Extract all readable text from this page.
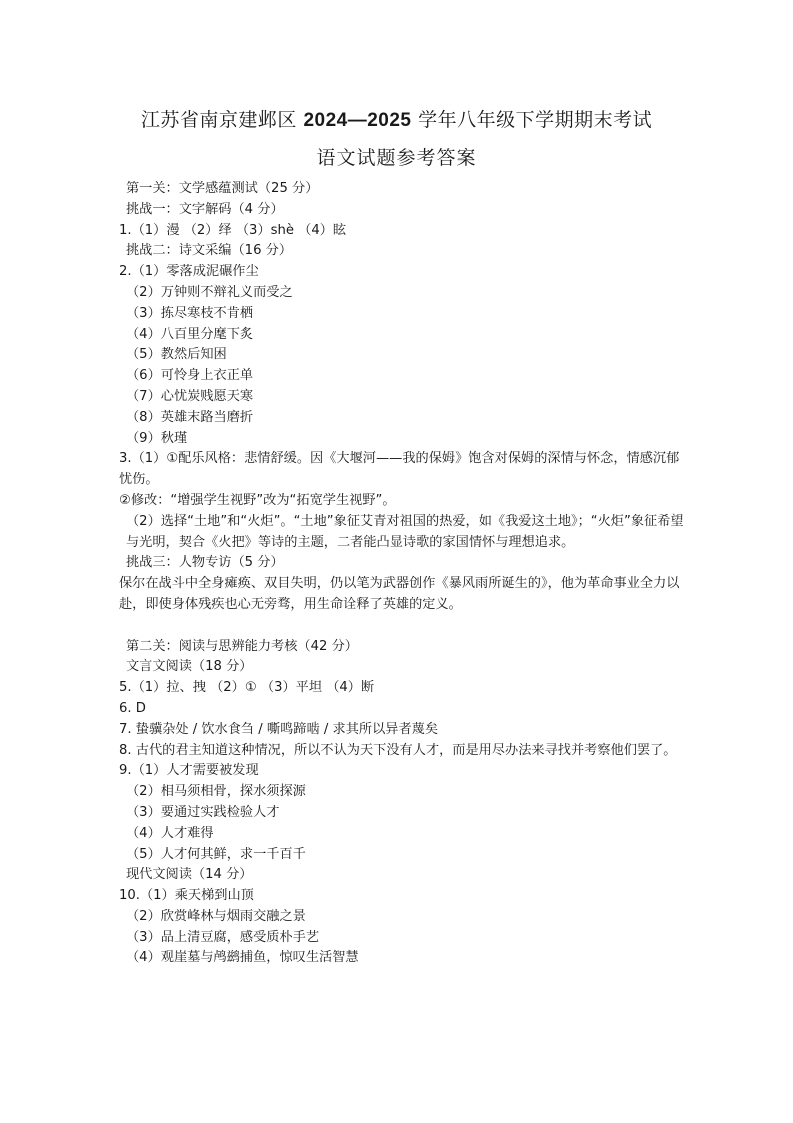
江苏省南京建邺区 2024—2025 学年八年级下学期期末考试
语文试题参考答案
第一关：文学感蕴测试（25 分）
挑战一：文字解码（4 分）
1.（1）漫 （2）绎 （3）shè （4）眩
挑战二：诗文采编（16 分）
2.（1）零落成泥碾作尘
（2）万钟则不辩礼义而受之
（3）拣尽寒枝不肯栖
（4）八百里分麾下炙
（5）教然后知困
（6）可怜身上衣正单
（7）心忧炭贱愿天寒
（8）英雄末路当磨折
（9）秋瑾
3.（1）①配乐风格：悲情舒缓。因《大堰河——我的保姆》饱含对保姆的深情与怀念，情感沉郁忧伤。
②修改：“增强学生视野”改为“拓宽学生视野”。
（2）选择“土地”和“火炬”。“土地”象征艾青对祖国的热爱，如《我爱这土地》；“火炬”象征希望与光明，契合《火把》等诗的主题，二者能凸显诗歌的家国情怀与理想追求。
挑战三：人物专访（5 分）
保尔在战斗中全身瘫痪、双目失明，仍以笔为武器创作《暴风雨所诞生的》，他为革命事业全力以赴，即使身体残疾也心无旁骛，用生命诠释了英雄的定义。
第二关：阅读与思辨能力考核（42 分）
文言文阅读（18 分）
5.（1）拉、拽 （2）① （3）平坦 （4）断
6. D
7. 蛰骥杂处 / 饮水食刍 / 嘶鸣蹄啮 / 求其所以异者蔑矣
8. 古代的君主知道这种情况，所以不认为天下没有人才，而是用尽办法来寻找并考察他们罢了。
9.（1）人才需要被发现
（2）相马须相骨，探水须探源
（3）要通过实践检验人才
（4）人才难得
（5）人才何其鲜，求一千百千
现代文阅读（14 分）
10.（1）乘天梯到山顶
（2）欣赏峰林与烟雨交融之景
（3）品上清豆腐，感受质朴手艺
（4）观崖墓与鸬鹚捕鱼，惊叹生活智慧
